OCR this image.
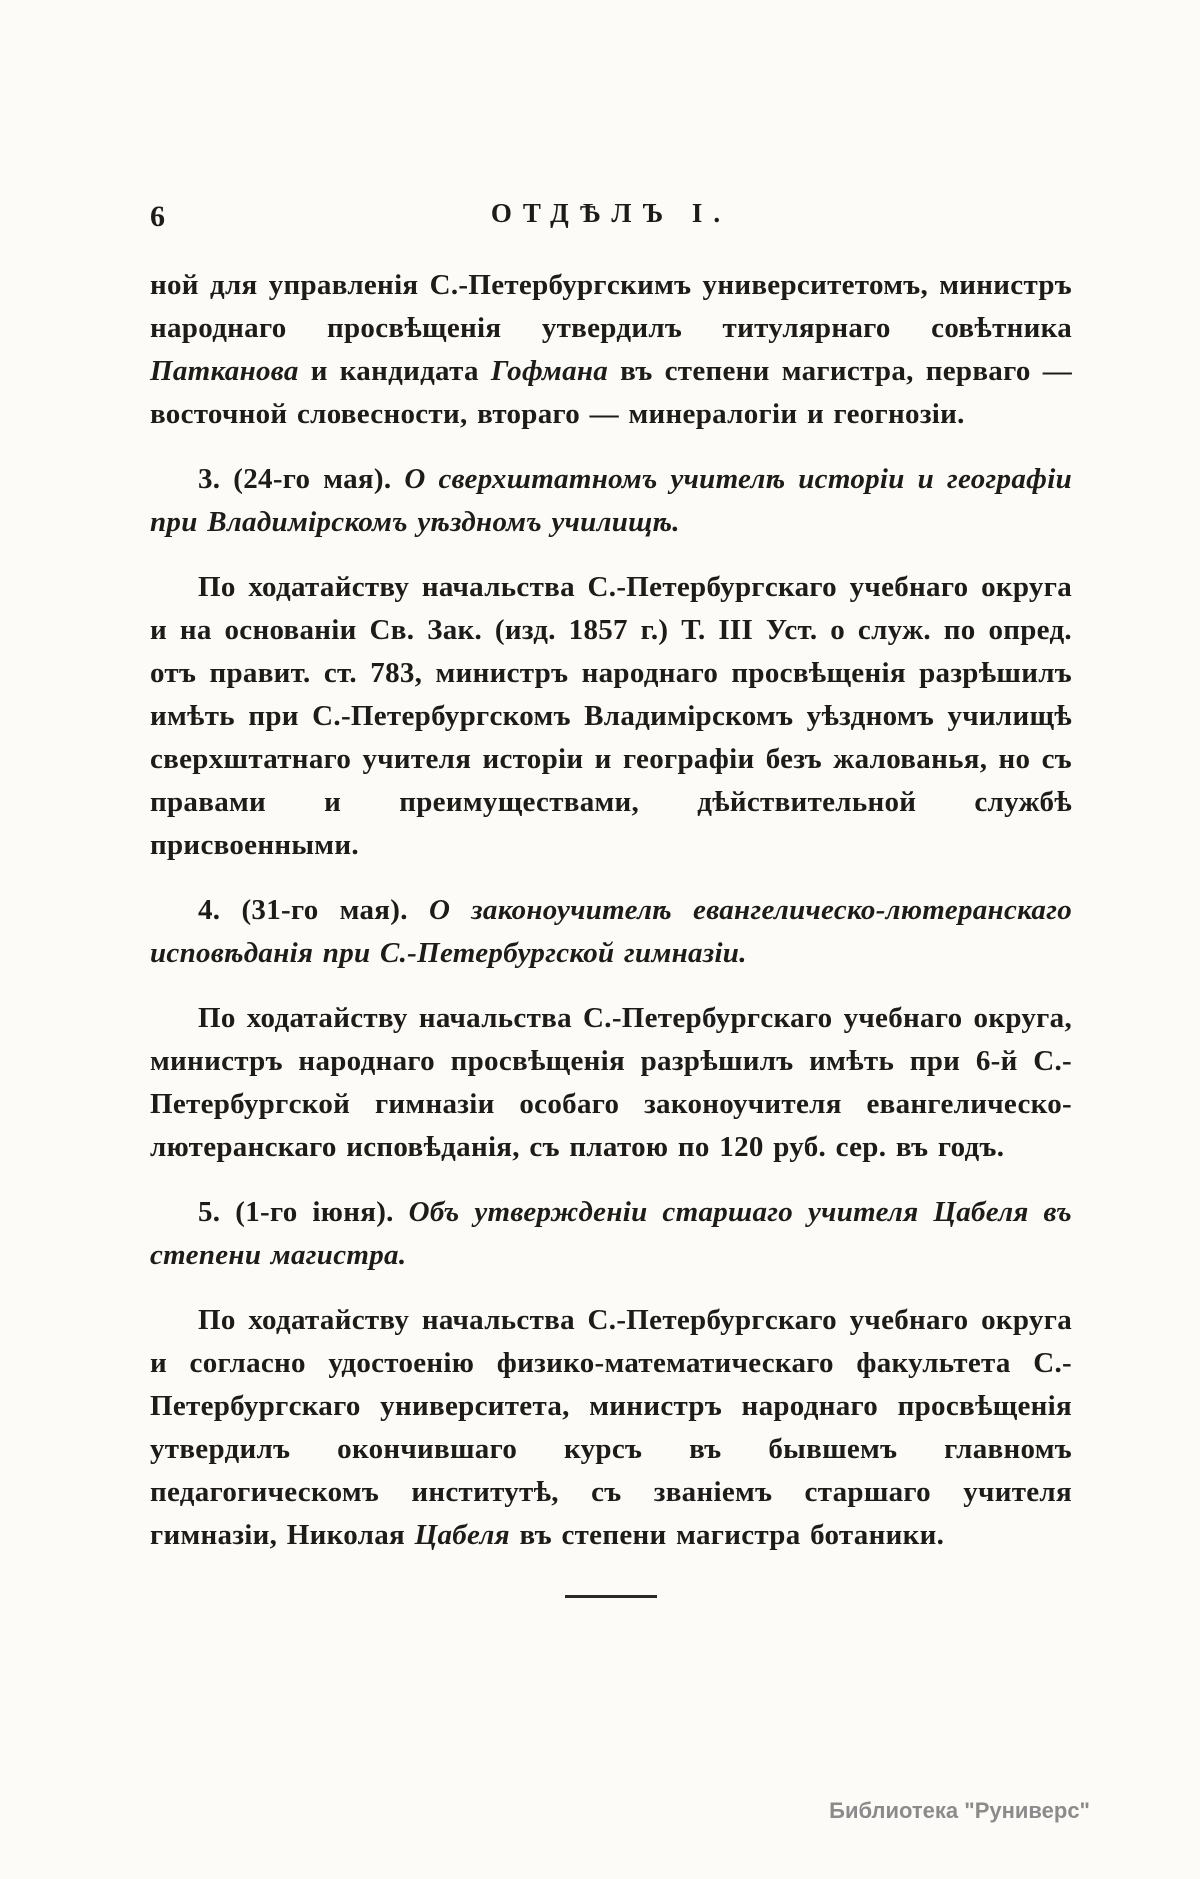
6	ОТДѢЛЪ I.

ной для управленія С.-Петербургскимъ университетомъ, министръ народнаго просвѣщенія утвердилъ титулярнаго совѣтника Патканова и кандидата Гофмана въ степени магистра, перваго — восточной словесности, втораго — минералогіи и геогнозіи.

3. (24-го мая). О сверхштатномъ учителѣ исторіи и географіи при Владимірскомъ уѣздномъ училищѣ.

По ходатайству начальства С.-Петербургскаго учебнаго округа и на основаніи Св. Зак. (изд. 1857 г.) Т. III Уст. о служ. по опред. отъ правит. ст. 783, министръ народнаго просвѣщенія разрѣшилъ имѣть при С.-Петербургскомъ Владимірскомъ уѣздномъ училищѣ сверхштатнаго учителя исторіи и географіи безъ жалованья, но съ правами и преимуществами, дѣйствительной службѣ присвоенными.

4. (31-го мая). О законоучителѣ евангелическо-лютеранскаго исповѣданія при С.-Петербургской гимназіи.

По ходатайству начальства С.-Петербургскаго учебнаго округа, министръ народнаго просвѣщенія разрѣшилъ имѣть при 6-й С.-Петербургской гимназіи особаго законоучителя евангелическо-лютеранскаго исповѣданія, съ платою по 120 руб. сер. въ годъ.

5. (1-го іюня). Объ утвержденіи старшаго учителя Цабеля въ степени магистра.

По ходатайству начальства С.-Петербургскаго учебнаго округа и согласно удостоенію физико-математическаго факультета С.-Петербургскаго университета, министръ народнаго просвѣщенія утвердилъ окончившаго курсъ въ бывшемъ главномъ педагогическомъ институтѣ, съ званіемъ старшаго учителя гимназіи, Николая Цабеля въ степени магистра ботаники.

Библиотека "Руниверс"
